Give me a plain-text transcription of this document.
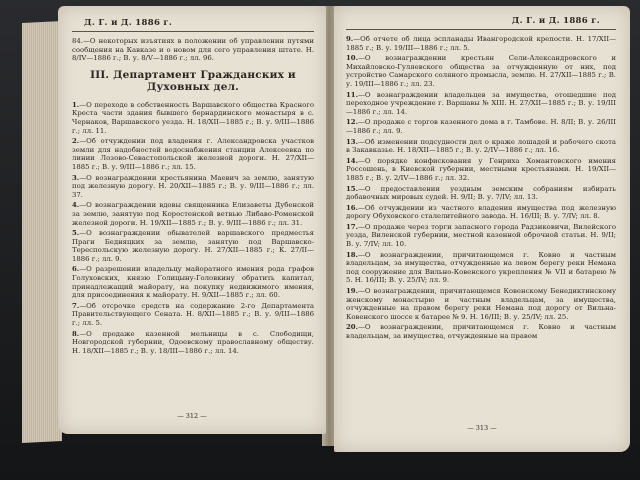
Д. Г. и Д. 1886 г.

84.—О некоторых изъятиях в положении об управлении путями сообщения на Кавказе и о новом для сего управления штате. Н. 8/IV—1886 г.; В. у. 8/V—1886 г.; лл. 96.

III. Департамент Гражданских и Духовных дел.

1.—О переходе в собственность Варшавского общества Красного Креста части здания бывшего бернардинского монастыря в с. Чернаков, Варшавского уезда. Н. 18/XII—1885 г.; В. у. 9/III—1886 г.; лл. 11.

2.—Об отчуждении под владения г. Александровска участков земли для надобностей водоснабжения станции Алексеевка по линии Лозово-Севастопольской железной дороги. Н. 27/XII—1885 г.; В. у. 9/III—1886 г.; лл. 15.

3.—О вознаграждении крестьянина Маевич за землю, занятую под железную дорогу. Н. 20/XII—1885 г.; В. у. 9/III—1886 г.; лл. 37.

4.—О вознаграждении вдовы священника Елизаветы Дубенской за землю, занятую под Коростенской ветвью Либаво-Роменской железной дороги. Н. 19/XII—1885 г.; В. у. 9/III—1886 г.; лл. 31.

5.—О вознаграждении обывателей варшавского предместья Праги Бедняцких за землю, занятую под Варшавско-Тереспольскую железную дорогу. Н. 27/XII—1885 г.; К. 27/II—1886 г.; лл. 9.

6.—О разрешении владельцу майоратного имения рода графов Голуховских, князю Голицыну-Головкину обратить капитал, принадлежащий майорату, на покупку недвижимого имения, для присоединения к майорату. Н. 9/XII—1885 г.; лл. 60.

7.—Об отсрочке средств на содержание 2-го Департамента Правительствующего Сената. Н. 8/XII—1885 г.; В. у. 9/III—1886 г.; лл. 5.

8.—О продаже казенной мельницы в с. Слободищи, Новгородской губернии, Одоевскому православному обществу. Н. 18/XII—1885 г.; В. у. 18/III—1886 г.; лл. 14.

— 312 —
Д. Г. и Д. 1886 г.

9.—Об отчете об лица эспланады Ивангородской крепости. Н. 17/XII—1885 г.; В. у. 19/III—1886 г.; лл. 5.

10.—О вознаграждении крестьян Сели-Александровского и Михайловско-Гуляевского общества за отчужденную от них, под устройство Самарского соляного промысла, землю. Н. 27/XII—1885 г.; В. у. 19/III—1886 г.; лл. 23.

11.—О вознаграждении владельцев за имущества, отошедшие под переходное учреждение г. Варшавы № XIII. Н. 27/XII—1885 г.; В. у. 19/III—1886 г.; лл. 14.

12.—О продаже с торгов казенного дома в г. Тамбове. Н. 8/II; В. у. 26/III—1886 г.; лл. 9.

13.—Об изменении подсудности дел о краже лошадей и рабочего скота в Закавказье. Н. 18/XII—1885 г.; В. у. 2/IV—1886 г.; лл. 16.

14.—О порядке конфискования у Генриха Хомантовского имения Россошень, в Киевской губернии, местными крестьянами. Н. 19/XII—1885 г.; В. у. 2/IV—1886 г.; лл. 32.

15.—О предоставлении уездным земским собраниям избирать добавочных мировых судей. Н. 9/II; В. у. 7/IV; лл. 13.

16.—Об отчуждении из частного владения имущества под железную дорогу Обуховского сталелитейного завода. Н. 16/III; В. у. 7/IV; лл. 8.

17.—О продаже через торги запасного города Радзиковичи, Вилейского уезда, Виленской губернии, местной казенной оброчной статьи. Н. 9/II; В. у. 7/IV; лл. 10.

18.—О вознаграждении, причитающемся г. Ковно и частным владельцам, за имущества, отчужденные на левом берегу реки Немана под сооружение для Вильно-Ковенского укрепления № VII и батарею № 5. Н. 16/III; В. у. 25/IV; лл. 9.

19.—О вознаграждении, причитающемся Ковенскому Бенедиктинскому женскому монастырю и частным владельцам, за имущества, отчужденные на правом берегу реки Немана под дорогу от Вильна-Ковенского шоссе к батарее № 9. Н. 16/III; В. у. 25/IV; лл. 25.

20.—О вознаграждении, причитающемся г. Ковно и частным владельцам, за имущества, отчужденные на правом

— 313 —
